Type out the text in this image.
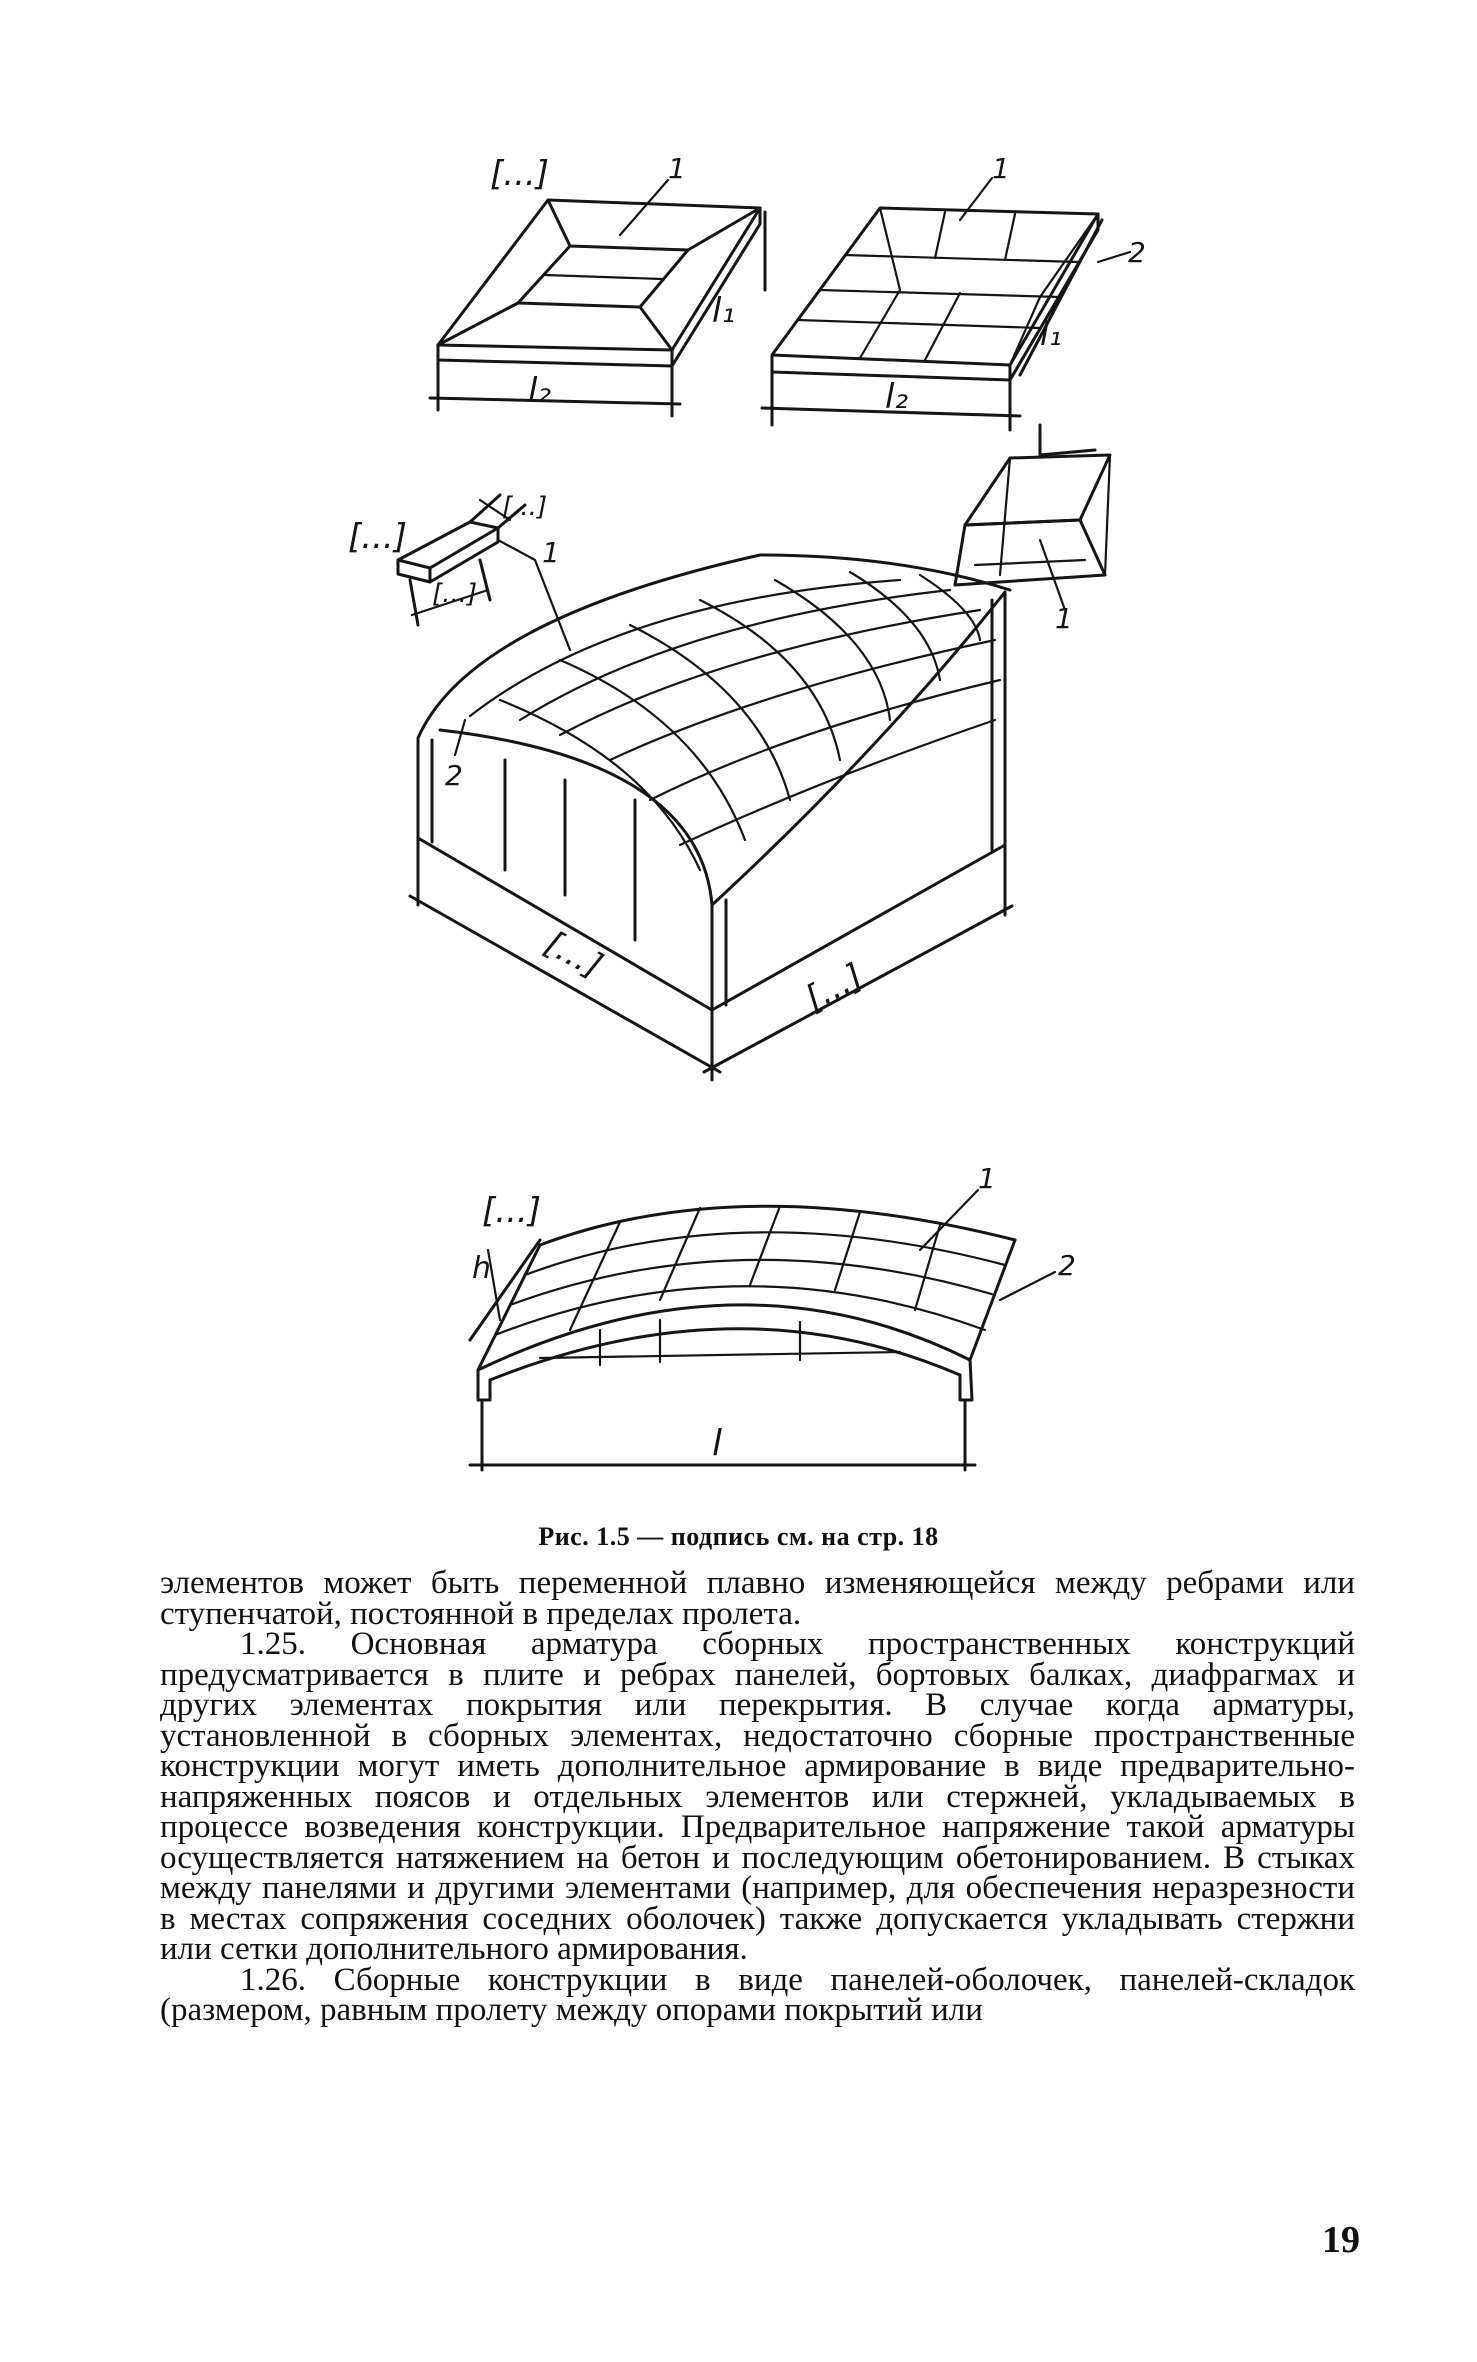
[...]
l₂
l₁
1
l₂
l₁
1
2
[...]
[...]
[...]
1
1
[...]
[...]
2
[...]
l
h
1
2
Рис. 1.5 — подпись см. на стр. 18

элементов может быть переменной плавно изменяющейся между ребрами или ступенчатой, постоянной в пределах пролета.

1.25. Основная арматура сборных пространственных конструкций предусматривается в плите и ребрах панелей, бортовых балках, диафрагмах и других элементах покрытия или перекрытия. В случае когда арматуры, установленной в сборных элементах, недостаточно сборные пространственные конструкции могут иметь дополнительное армирование в виде предварительно-напряженных поясов и отдельных элементов или стержней, укладываемых в процессе возведения конструкции. Предварительное напряжение такой арматуры осуществляется натяжением на бетон и последующим обетонированием. В стыках между панелями и другими элементами (например, для обеспечения неразрезности в местах сопряжения соседних оболочек) также допускается укладывать стержни или сетки дополнительного армирования.

1.26. Сборные конструкции в виде панелей-оболочек, панелей-складок (размером, равным пролету между опорами покрытий или

19
